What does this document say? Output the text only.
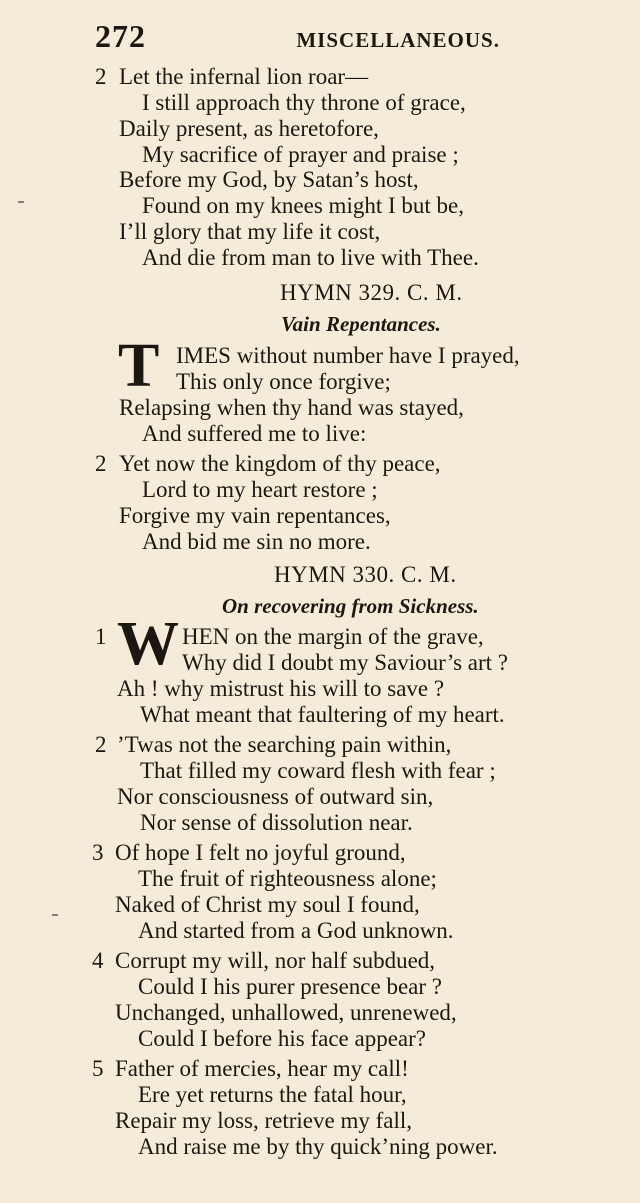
272	MISCELLANEOUS.
2 Let the infernal lion roar—
I still approach thy throne of grace,
Daily present, as heretofore,
My sacrifice of prayer and praise ;
Before my God, by Satan’s host,
Found on my knees might I but be,
I’ll glory that my life it cost,
And die from man to live with Thee.
HYMN 329. C. M.
Vain Repentances.
T IMES without number have I prayed,
This only once forgive;
Relapsing when thy hand was stayed,
And suffered me to live:
2 Yet now the kingdom of thy peace,
Lord to my heart restore ;
Forgive my vain repentances,
And bid me sin no more.
HYMN 330. C. M.
On recovering from Sickness.
1 W HEN on the margin of the grave,
Why did I doubt my Saviour’s art ?
Ah ! why mistrust his will to save ?
What meant that faultering of my heart.
2 ’Twas not the searching pain within,
That filled my coward flesh with fear ;
Nor consciousness of outward sin,
Nor sense of dissolution near.
3 Of hope I felt no joyful ground,
The fruit of righteousness alone;
Naked of Christ my soul I found,
And started from a God unknown.
4 Corrupt my will, nor half subdued,
Could I his purer presence bear ?
Unchanged, unhallowed, unrenewed,
Could I before his face appear?
5 Father of mercies, hear my call!
Ere yet returns the fatal hour,
Repair my loss, retrieve my fall,
And raise me by thy quick’ning power.
